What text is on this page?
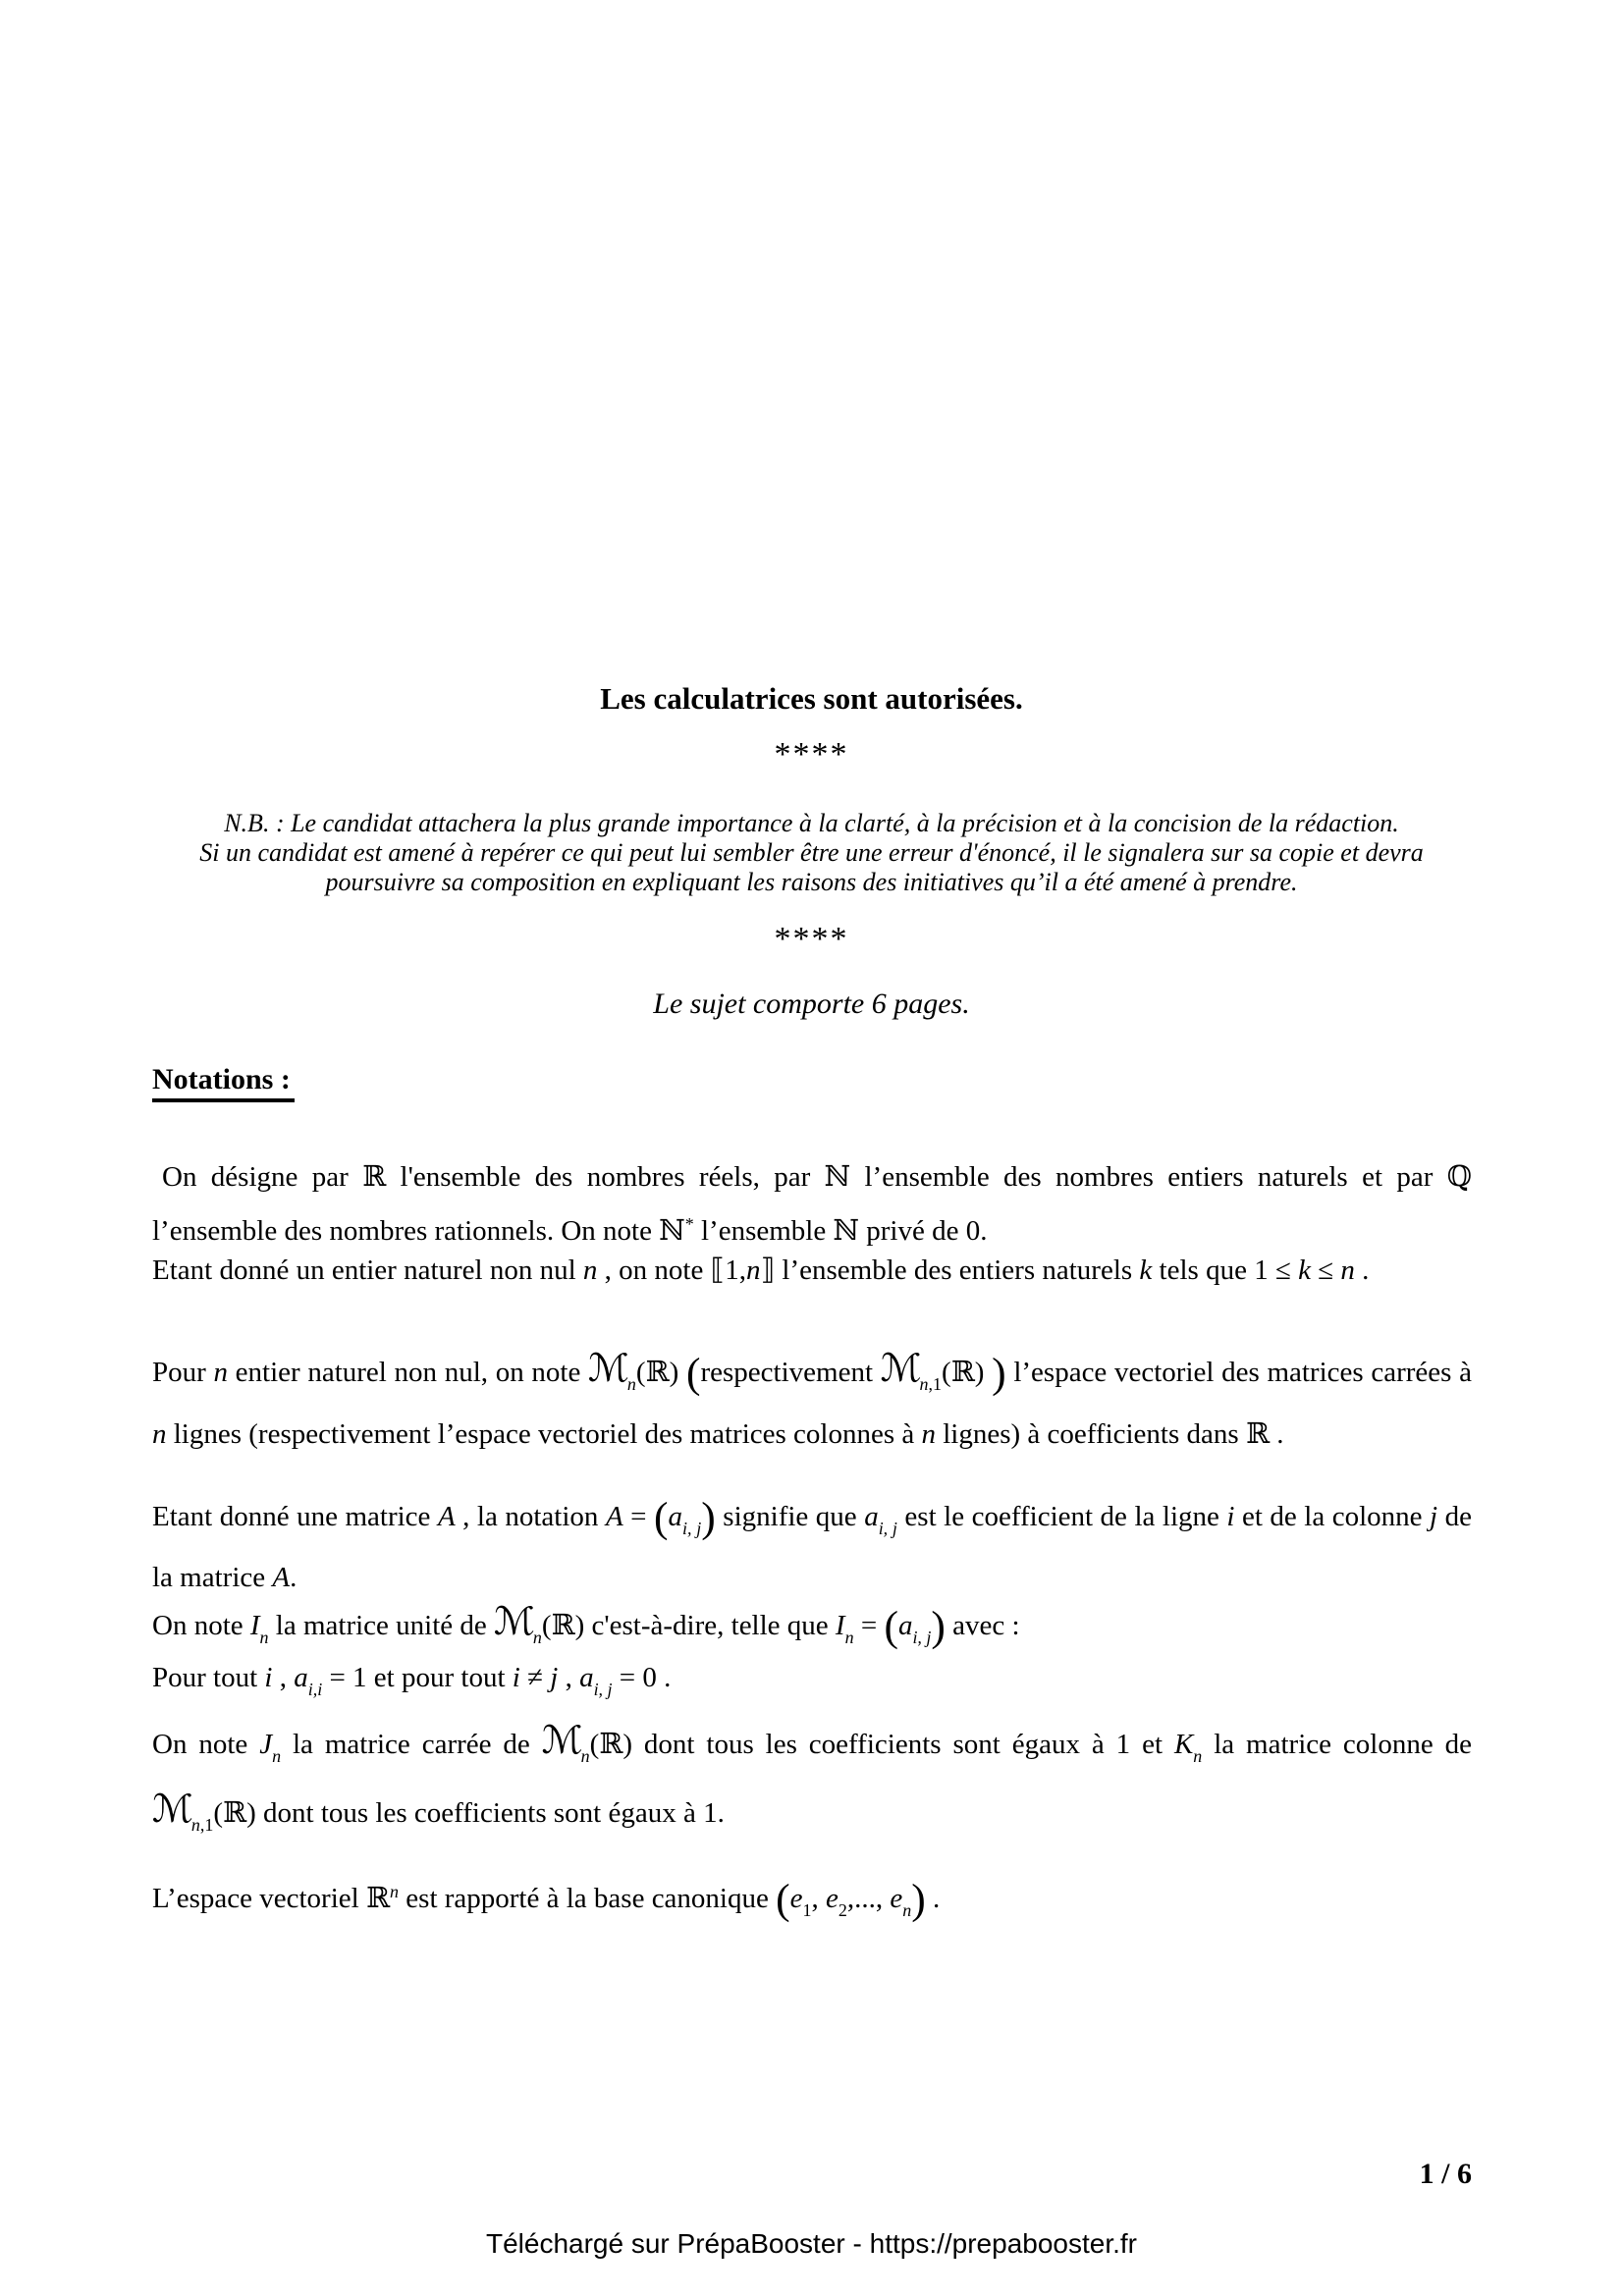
Les calculatrices sont autorisées.
****
N.B. : Le candidat attachera la plus grande importance à la clarté, à la précision et à la concision de la rédaction.
Si un candidat est amené à repérer ce qui peut lui sembler être une erreur d'énoncé, il le signalera sur sa copie et devra
poursuivre sa composition en expliquant les raisons des initiatives qu’il a été amené à prendre.
****
Le sujet comporte 6 pages.
Notations :

On désigne par ℝ l'ensemble des nombres réels, par ℕ l’ensemble des nombres entiers naturels et par ℚ l’ensemble des nombres rationnels. On note ℕ* l’ensemble ℕ privé de 0.

Etant donné un entier naturel non nul n , on note ⟦1,n⟧ l’ensemble des entiers naturels k tels que 1 ≤ k ≤ n .

Pour n entier naturel non nul, on note ℳ$_n$(ℝ) (respectivement ℳ$_{n,1}$(ℝ) ) l’espace vectoriel des matrices carrées à n lignes (respectivement l’espace vectoriel des matrices colonnes à n lignes) à coefficients dans ℝ .

Etant donné une matrice A , la notation $A = (a_{i, j})$ signifie que $a_{i, j}$ est le coefficient de la ligne i et de la colonne j de la matrice A.

On note $I_n$ la matrice unité de ℳ$_n$(ℝ) c'est-à-dire, telle que $I_n = (a_{i, j})$ avec :

Pour tout i , $a_{i,i} = 1$ et pour tout i ≠ j , $a_{i, j} = 0$ .

On note $J_n$ la matrice carrée de ℳ$_n$(ℝ) dont tous les coefficients sont égaux à 1 et $K_n$ la matrice colonne de ℳ$_{n,1}$(ℝ) dont tous les coefficients sont égaux à 1.

L’espace vectoriel ℝ$^n$ est rapporté à la base canonique ($e_1$, $e_2$,..., $e_n$) .

1 / 6
Téléchargé sur PrépaBooster - https://prepabooster.fr
